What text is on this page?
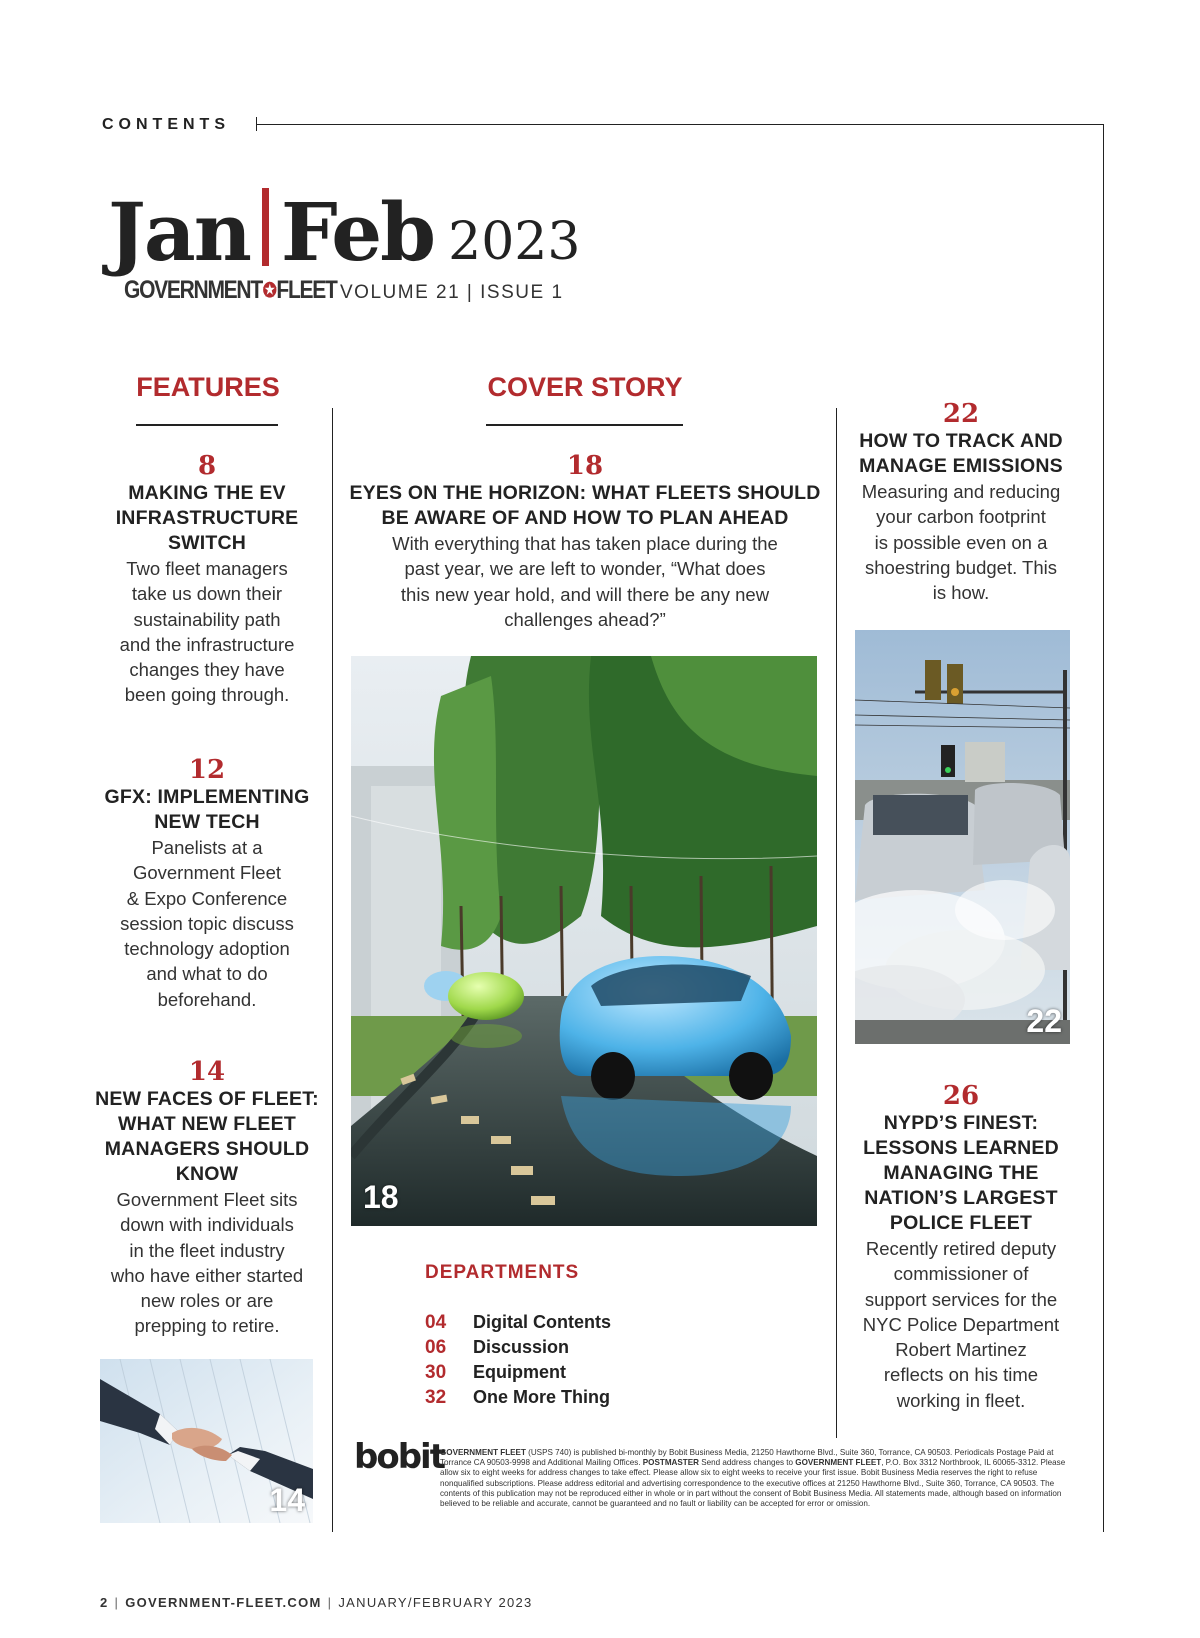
CONTENTS
Jan Feb 2023
GOVERNMENT ✪ FLEET VOLUME 21 | ISSUE 1
FEATURES	COVER STORY
8
MAKING THE EV
INFRASTRUCTURE
SWITCH
Two fleet managers
take us down their
sustainability path
and the infrastructure
changes they have
been going through.
12
GFX: IMPLEMENTING
NEW TECH
Panelists at a
Government Fleet
& Expo Conference
session topic discuss
technology adoption
and what to do
beforehand.
14
NEW FACES OF FLEET:
WHAT NEW FLEET
MANAGERS SHOULD
KNOW
Government Fleet sits
down with individuals
in the fleet industry
who have either started
new roles or are
prepping to retire.
14
18
EYES ON THE HORIZON: WHAT FLEETS SHOULD
BE AWARE OF AND HOW TO PLAN AHEAD
With everything that has taken place during the
past year, we are left to wonder, “What does
this new year hold, and will there be any new
challenges ahead?”
18
22
HOW TO TRACK AND
MANAGE EMISSIONS
Measuring and reducing
your carbon footprint
is possible even on a
shoestring budget. This
is how.
22
26
NYPD’S FINEST:
LESSONS LEARNED
MANAGING THE
NATION’S LARGEST
POLICE FLEET
Recently retired deputy
commissioner of
support services for the
NYC Police Department
Robert Martinez
reflects on his time
working in fleet.
DEPARTMENTS
04	Digital Contents
06	Discussion
30	Equipment
32	One More Thing
bobit
GOVERNMENT FLEET (USPS 740) is published bi-monthly by Bobit Business Media, 21250 Hawthorne Blvd., Suite 360, Torrance, CA 90503. Periodicals Postage Paid at Torrance CA 90503-9998 and Additional Mailing Offices. POSTMASTER Send address changes to GOVERNMENT FLEET, P.O. Box 3312 Northbrook, IL 60065-3312. Please allow six to eight weeks for address changes to take effect. Please allow six to eight weeks to receive your first issue. Bobit Business Media reserves the right to refuse nonqualified subscriptions. Please address editorial and advertising correspondence to the executive offices at 21250 Hawthorne Blvd., Suite 360, Torrance, CA 90503. The contents of this publication may not be reproduced either in whole or in part without the consent of Bobit Business Media. All statements made, although based on information believed to be reliable and accurate, cannot be guaranteed and no fault or liability can be accepted for error or omission.
2 | GOVERNMENT-FLEET.COM | JANUARY/FEBRUARY 2023
